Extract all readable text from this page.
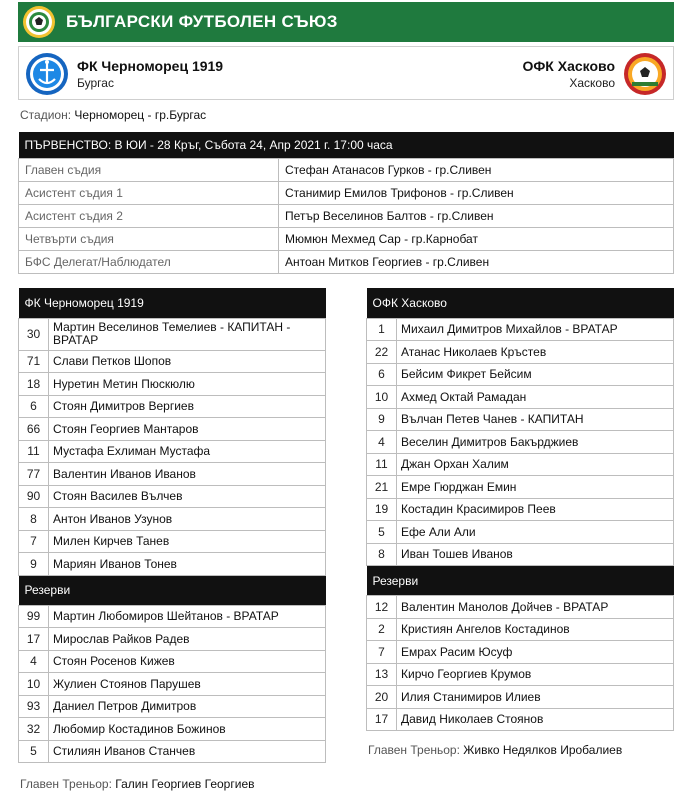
БЪЛГАРСКИ ФУТБОЛЕН СЪЮЗ
ФК Черноморец 1919
Бургас
ОФК Хасково
Хасково
Стадион: Черноморец - гр.Бургас
ПЪРВЕНСТВО: В ЮИ - 28 Кръг, Събота 24, Апр 2021 г. 17:00 часа	
Главен съдия	Стефан Атанасов Гурков - гр.Сливен
Асистент съдия 1	Станимир Емилов Трифонов - гр.Сливен
Асистент съдия 2	Петър Веселинов Балтов - гр.Сливен
Четвърти съдия	Мюмюн Мехмед Сар - гр.Карнобат
БФС Делегат/Наблюдател	Антоан Митков Георгиев - гр.Сливен
ФК Черноморец 1919	
30	Мартин Веселинов Темелиев - КАПИТАН - ВРАТАР
71	Слави Петков Шопов
18	Нуретин Метин Пюскюлю
6	Стоян Димитров Вергиев
66	Стоян Георгиев Мантаров
11	Мустафа Ехлиман Мустафа
77	Валентин Иванов Иванов
90	Стоян Василев Вълчев
8	Антон Иванов Узунов
7	Милен Кирчев Танев
9	Мариян Иванов Тонев
Резерви	
99	Мартин Любомиров Шейтанов - ВРАТАР
17	Мирослав Райков Радев
4	Стоян Росенов Кижев
10	Жулиен Стоянов Парушев
93	Даниел Петров Димитров
32	Любомир Костадинов Божинов
5	Стилиян Иванов Станчев
Главен Треньор: Галин Георгиев Георгиев
ОФК Хасково	
1	Михаил Димитров Михайлов - ВРАТАР
22	Атанас Николаев Кръстев
6	Бейсим Фикрет Бейсим
10	Ахмед Октай Рамадан
9	Вълчан Петев Чанев - КАПИТАН
4	Веселин Димитров Бакърджиев
11	Джан Орхан Халим
21	Емре Гюрджан Емин
19	Костадин Красимиров Пеев
5	Ефе Али Али
8	Иван Тошев Иванов
Резерви	
12	Валентин Манолов Дойчев - ВРАТАР
2	Кристиян Ангелов Костадинов
7	Емрах Расим Юсуф
13	Кирчо Георгиев Крумов
20	Илия Станимиров Илиев
17	Давид Николаев Стоянов
Главен Треньор: Живко Недялков Иробалиев
